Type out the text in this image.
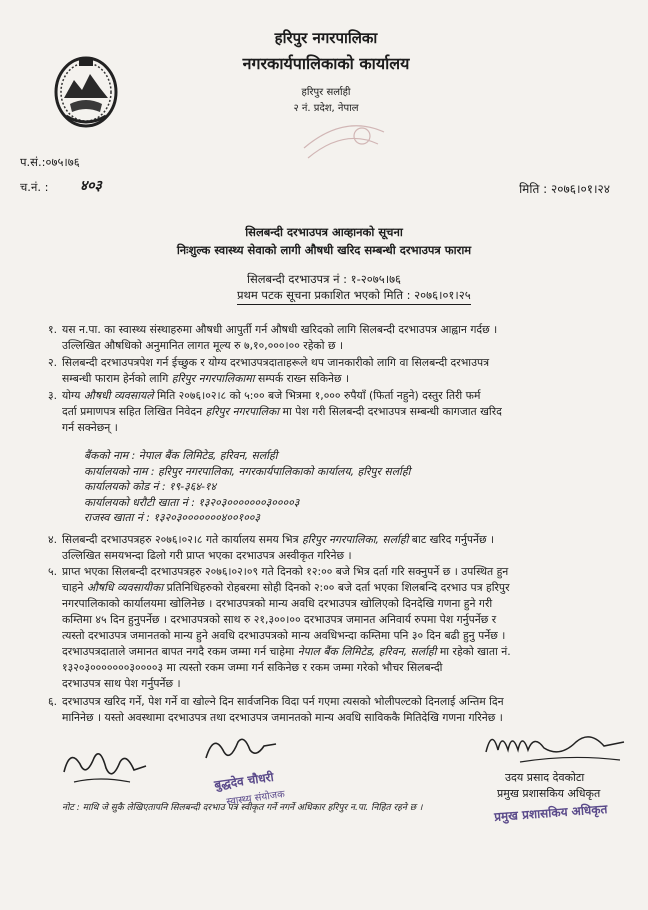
हरिपुर नगरपालिका
नगरकार्यपालिकाको कार्यालय
हरिपुर सर्लाही
२ नं. प्रदेश, नेपाल
प.सं.:०७५।७६
च.नं. : ४०३	मिति : २०७६।०१।२४
सिलबन्दी दरभाउपत्र आव्हानको सूचना
निःशुल्क स्वास्थ्य सेवाको लागी औषधी खरिद सम्बन्धी दरभाउपत्र फाराम
सिलबन्दी दरभाउपत्र नं : १-२०७५।७६
प्रथम पटक सूचना प्रकाशित भएको मिति : २०७६।०१।२५
१. यस न.पा. का स्वास्थ्य संस्थाहरुमा औषधी आपुर्ती गर्न औषधी खरिदको लागि सिलबन्दी दरभाउपत्र आह्वान गर्दछ ।
उल्लिखित औषधिको अनुमानित लागत मूल्य रु ७,१०,०००।०० रहेको छ ।
२. सिलबन्दी दरभाउपत्रपेश गर्न ईच्छुक र योग्य दरभाउपत्रदाताहरूले थप जानकारीको लागि वा सिलबन्दी दरभाउपत्र
सम्बन्धी फाराम हेर्नको लागि हरिपुर नगरपालिकामा सम्पर्क राख्न सकिनेछ ।
३. योग्य औषधी व्यवसायले मिति २०७६।०२।८ को ५:०० बजे भित्रमा १,००० रुपैयाँ (फिर्ता नहुने) दस्तुर तिरी फर्म
दर्ता प्रमाणपत्र सहित लिखित निवेदन हरिपुर नगरपालिका मा पेश गरी सिलबन्दी दरभाउपत्र सम्बन्धी कागजात खरिद
गर्न सक्नेछन् ।
बैंकको नाम : नेपाल बैंक लिमिटेड, हरिवन, सर्लाही
कार्यालयको नाम : हरिपुर नगरपालिका, नगरकार्यपालिकाको कार्यालय, हरिपुर सर्लाही
कार्यालयको कोड नं : १९-३६४-१४
कार्यालयको धरौटी खाता नं : १३२०३०००००००३००००३
राजस्व खाता नं : १३२०३०००००००४००१००३
४. सिलबन्दी दरभाउपत्रहरु २०७६।०२।८ गते कार्यालय समय भित्र हरिपुर नगरपालिका, सर्लाही बाट खरिद गर्नुपर्नेछ ।
उल्लिखित समयभन्दा ढिलो गरी प्राप्त भएका दरभाउपत्र अस्वीकृत गरिनेछ ।
५. प्राप्त भएका सिलबन्दी दरभाउपत्रहरु २०७६।०२।०९ गते दिनको १२:०० बजे भित्र दर्ता गरि सक्नुपर्ने छ । उपस्थित हुन
चाहने औषधि व्यवसायीका प्रतिनिधिहरुको रोहबरमा सोही दिनको २:०० बजे दर्ता भएका शिलबन्दि दरभाउ पत्र हरिपुर
नगरपालिकाको कार्यालयमा खोलिनेछ । दरभाउपत्रको मान्य अवधि दरभाउपत्र खोलिएको दिनदेखि गणना हुने गरी
कम्तिमा ४५ दिन हुनुपर्नेछ । दरभाउपत्रको साथ रु २१,३००।०० दरभाउपत्र जमानत अनिवार्य रुपमा पेश गर्नुपर्नेछ र
त्यस्तो दरभाउपत्र जमानतको मान्य हुने अवधि दरभाउपत्रको मान्य अवधिभन्दा कम्तिमा पनि ३० दिन बढी हुनु पर्नेछ ।
दरभाउपत्रदाताले जमानत बापत नगदै रकम जम्मा गर्न चाहेमा नेपाल बैंक लिमिटेड, हरिवन, सर्लाही मा रहेको खाता नं.
१३२०३०००००००३००००३ मा त्यस्तो रकम जम्मा गर्न सकिनेछ र रकम जम्मा गरेको भौचर सिलबन्दी
दरभाउपत्र साथ पेश गर्नुपर्नेछ ।
६. दरभाउपत्र खरिद गर्ने, पेश गर्ने वा खोल्ने दिन सार्वजनिक विदा पर्न गएमा त्यसको भोलीपल्टको दिनलाई अन्तिम दिन
मानिनेछ । यस्तो अवस्थामा दरभाउपत्र तथा दरभाउपत्र जमानतको मान्य अवधि साविककै मितिदेखि गणना गरिनेछ ।
बुद्धदेव चौधरी
स्वास्थ्य संयोजक
उदय प्रसाद देवकोटा
प्रमुख प्रशासकिय अधिकृत
प्रमुख प्रशासकिय अधिकृत
नोट : माथि जे सुकै लेखिएतापनि सिलबन्दी दरभाउ पत्र स्वीकृत गर्ने नगर्ने अधिकार हरिपुर न.पा. निहित रहने छ ।
